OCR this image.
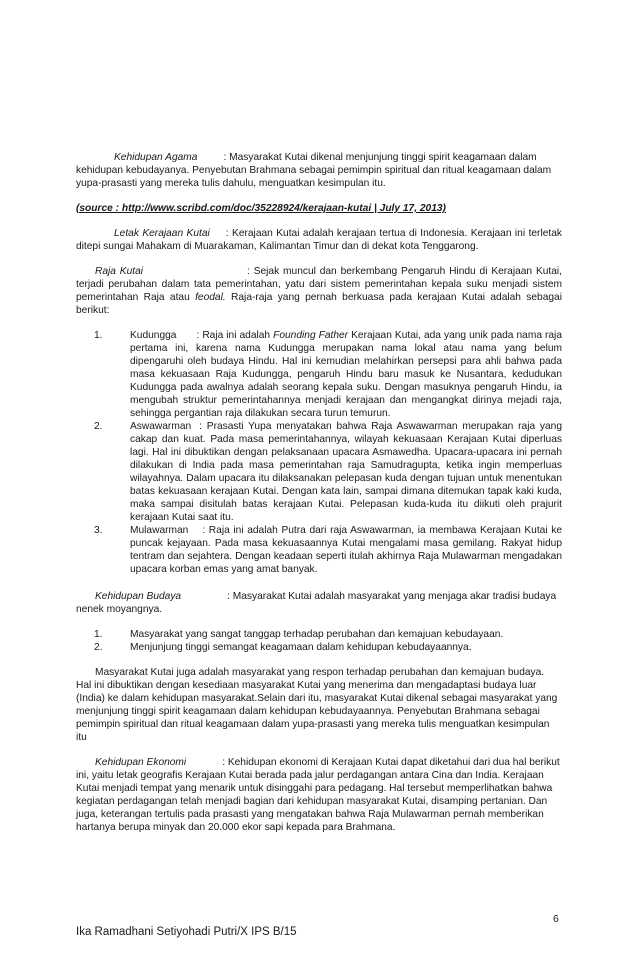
Kehidupan Agama	: Masyarakat Kutai dikenal menjunjung tinggi spirit keagamaan dalam kehidupan kebudayanya. Penyebutan Brahmana sebagai pemimpin spiritual dan ritual keagamaan dalam yupa-prasasti yang mereka tulis dahulu, menguatkan kesimpulan itu.

(source : http://www.scribd.com/doc/35228924/kerajaan-kutai | July 17, 2013)

Letak Kerajaan Kutai : Kerajaan Kutai adalah kerajaan tertua di Indonesia. Kerajaan ini terletak ditepi sungai Mahakam di Muarakaman, Kalimantan Timur dan di dekat kota Tenggarong.

Raja Kutai	: Sejak muncul dan berkembang Pengaruh Hindu di Kerajaan Kutai, terjadi perubahan dalam tata pemerintahan, yatu dari sistem pemerintahan kepala suku menjadi sistem pemerintahan Raja atau feodal. Raja-raja yang pernah berkuasa pada kerajaan Kutai adalah sebagai berikut:

1.	Kudungga : Raja ini adalah Founding Father Kerajaan Kutai, ada yang unik pada nama raja pertama ini, karena nama Kudungga merupakan nama lokal atau nama yang belum dipengaruhi oleh budaya Hindu. Hal ini kemudian melahirkan persepsi para ahli bahwa pada masa kekuasaan Raja Kudungga, pengaruh Hindu baru masuk ke Nusantara, kedudukan Kudungga pada awalnya adalah seorang kepala suku. Dengan masuknya pengaruh Hindu, ia mengubah struktur pemerintahannya menjadi kerajaan dan mengangkat dirinya mejadi raja, sehingga pergantian raja dilakukan secara turun temurun.
2.	Aswawarman : Prasasti Yupa menyatakan bahwa Raja Aswawarman merupakan raja yang cakap dan kuat. Pada masa pemerintahannya, wilayah kekuasaan Kerajaan Kutai diperluas lagi. Hal ini dibuktikan dengan pelaksanaan upacara Asmawedha. Upacara-upacara ini pernah dilakukan di India pada masa pemerintahan raja Samudragupta, ketika ingin memperluas wilayahnya. Dalam upacara itu dilaksanakan pelepasan kuda dengan tujuan untuk menentukan batas kekuasaan kerajaan Kutai. Dengan kata lain, sampai dimana ditemukan tapak kaki kuda, maka sampai disitulah batas kerajaan Kutai. Pelepasan kuda-kuda itu diikuti oleh prajurit kerajaan Kutai saat itu.
3.	Mulawarman : Raja ini adalah Putra dari raja Aswawarman, ia membawa Kerajaan Kutai ke puncak kejayaan. Pada masa kekuasaannya Kutai mengalami masa gemilang. Rakyat hidup tentram dan sejahtera. Dengan keadaan seperti itulah akhirnya Raja Mulawarman mengadakan upacara korban emas yang amat banyak.

Kehidupan Budaya	: Masyarakat Kutai adalah masyarakat yang menjaga akar tradisi budaya nenek moyangnya.

1.	Masyarakat yang sangat tanggap terhadap perubahan dan kemajuan kebudayaan.
2.	Menjunjung tinggi semangat keagamaan dalam kehidupan kebudayaannya.

Masyarakat Kutai juga adalah masyarakat yang respon terhadap perubahan dan kemajuan budaya. Hal ini dibuktikan dengan kesediaan masyarakat Kutai yang menerima dan mengadaptasi budaya luar (India) ke dalam kehidupan masyarakat.Selain dari itu, masyarakat Kutai dikenal sebagai masyarakat yang menjunjung tinggi spirit keagamaan dalam kehidupan kebudayaannya. Penyebutan Brahmana sebagai pemimpin spiritual dan ritual keagamaan dalam yupa-prasasti yang mereka tulis menguatkan kesimpulan itu

Kehidupan Ekonomi	: Kehidupan ekonomi di Kerajaan Kutai dapat diketahui dari dua hal berikut ini, yaitu letak geografis Kerajaan Kutai berada pada jalur perdagangan antara Cina dan India. Kerajaan Kutai menjadi tempat yang menarik untuk disinggahi para pedagang. Hal tersebut memperlihatkan bahwa kegiatan perdagangan telah menjadi bagian dari kehidupan masyarakat Kutai, disamping pertanian. Dan juga, keterangan tertulis pada prasasti yang mengatakan bahwa Raja Mulawarman pernah memberikan hartanya berupa minyak dan 20.000 ekor sapi kepada para Brahmana.

6
Ika Ramadhani Setiyohadi Putri/X IPS B/15
